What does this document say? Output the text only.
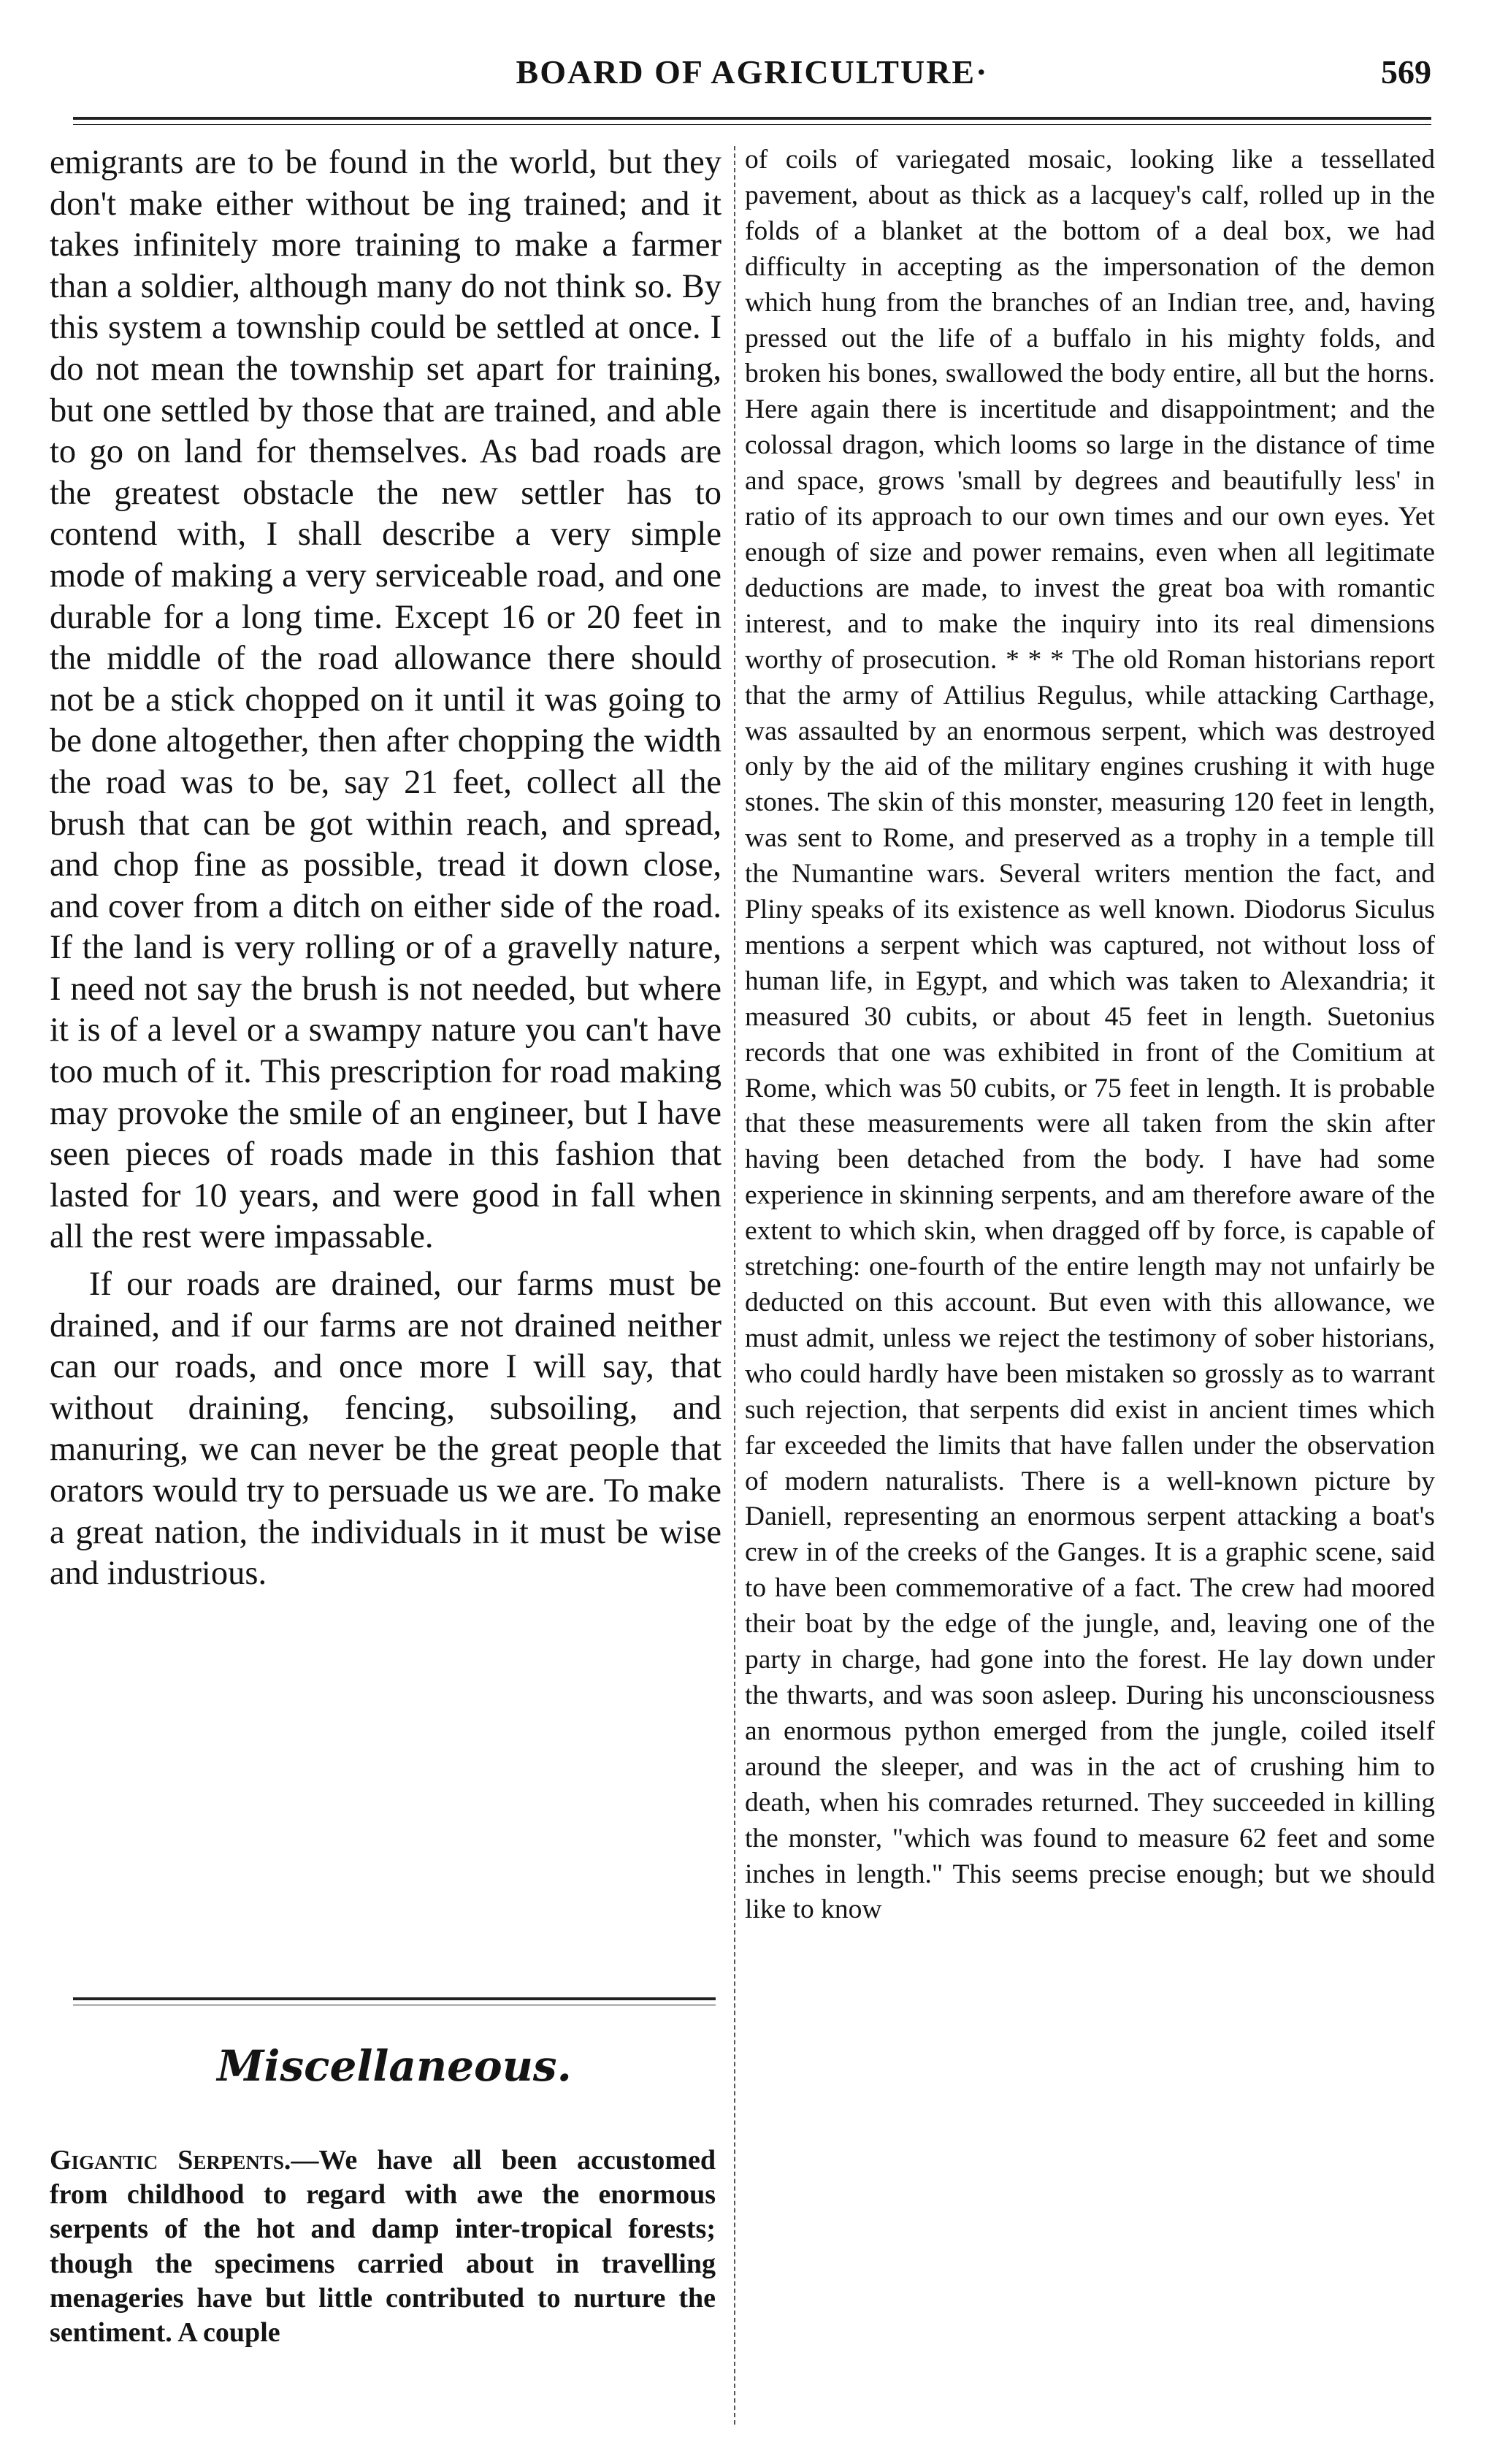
BOARD OF AGRICULTURE·	569

emigrants are to be found in the world, but they don't make either without be ing trained; and it takes infinitely more training to make a farmer than a soldier, although many do not think so. By this system a township could be settled at once. I do not mean the township set apart for training, but one settled by those that are trained, and able to go on land for themselves. As bad roads are the greatest obstacle the new settler has to contend with, I shall describe a very simple mode of making a very serviceable road, and one durable for a long time. Except 16 or 20 feet in the middle of the road allowance there should not be a stick chopped on it until it was going to be done altogether, then after chopping the width the road was to be, say 21 feet, collect all the brush that can be got within reach, and spread, and chop fine as possible, tread it down close, and cover from a ditch on either side of the road. If the land is very rolling or of a gravelly nature, I need not say the brush is not needed, but where it is of a level or a swampy nature you can't have too much of it. This prescription for road making may provoke the smile of an engineer, but I have seen pieces of roads made in this fashion that lasted for 10 years, and were good in fall when all the rest were impassable.

If our roads are drained, our farms must be drained, and if our farms are not drained neither can our roads, and once more I will say, that without draining, fencing, subsoiling, and manuring, we can never be the great people that orators would try to persuade us we are. To make a great nation, the individuals in it must be wise and industrious.

Miscellaneous.
Gigantic Serpents.—We have all been accustomed from childhood to regard with awe the enormous serpents of the hot and damp inter-tropical forests; though the specimens carried about in travelling menageries have but little contributed to nurture the sentiment. A couple

of coils of variegated mosaic, looking like a tessellated pavement, about as thick as a lacquey's calf, rolled up in the folds of a blanket at the bottom of a deal box, we had difficulty in accepting as the impersonation of the demon which hung from the branches of an Indian tree, and, having pressed out the life of a buffalo in his mighty folds, and broken his bones, swallowed the body entire, all but the horns. Here again there is incertitude and disappointment; and the colossal dragon, which looms so large in the distance of time and space, grows 'small by degrees and beautifully less' in ratio of its approach to our own times and our own eyes. Yet enough of size and power remains, even when all legitimate deductions are made, to invest the great boa with romantic interest, and to make the inquiry into its real dimensions worthy of prosecution. * * * The old Roman historians report that the army of Attilius Regulus, while attacking Carthage, was assaulted by an enormous serpent, which was destroyed only by the aid of the military engines crushing it with huge stones. The skin of this monster, measuring 120 feet in length, was sent to Rome, and preserved as a trophy in a temple till the Numantine wars. Several writers mention the fact, and Pliny speaks of its existence as well known. Diodorus Siculus mentions a serpent which was captured, not without loss of human life, in Egypt, and which was taken to Alexandria; it measured 30 cubits, or about 45 feet in length. Suetonius records that one was exhibited in front of the Comitium at Rome, which was 50 cubits, or 75 feet in length. It is probable that these measurements were all taken from the skin after having been detached from the body. I have had some experience in skinning serpents, and am therefore aware of the extent to which skin, when dragged off by force, is capable of stretching: one-fourth of the entire length may not unfairly be deducted on this account. But even with this allowance, we must admit, unless we reject the testimony of sober historians, who could hardly have been mistaken so grossly as to warrant such rejection, that serpents did exist in ancient times which far exceeded the limits that have fallen under the observation of modern naturalists. There is a well-known picture by Daniell, representing an enormous serpent attacking a boat's crew in of the creeks of the Ganges. It is a graphic scene, said to have been commemorative of a fact. The crew had moored their boat by the edge of the jungle, and, leaving one of the party in charge, had gone into the forest. He lay down under the thwarts, and was soon asleep. During his unconsciousness an enormous python emerged from the jungle, coiled itself around the sleeper, and was in the act of crushing him to death, when his comrades returned. They succeeded in killing the monster, "which was found to measure 62 feet and some inches in length." This seems precise enough; but we should like to know
